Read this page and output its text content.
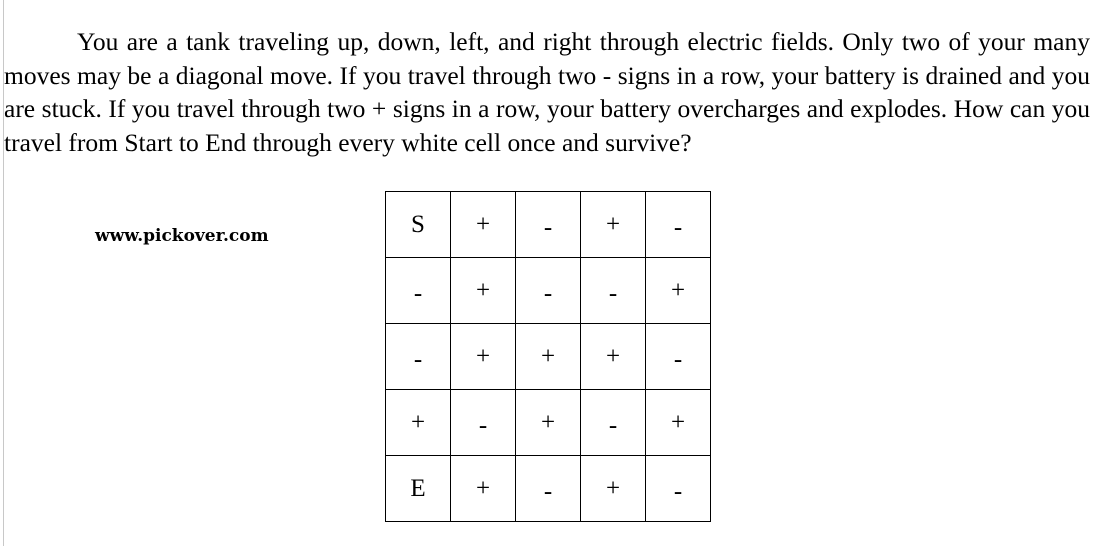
You are a tank traveling up, down, left, and right through electric fields. Only two of your many moves may be a diagonal move. If you travel through two - signs in a row, your battery is drained and you are stuck. If you travel through two + signs in a row, your battery overcharges and explodes. How can you travel from Start to End through every white cell once and survive?

www.pickover.com	S	+	-	+	-
-	+	-	-	+
-	+	+	+	-
+	-	+	-	+
E	+	-	+	-
